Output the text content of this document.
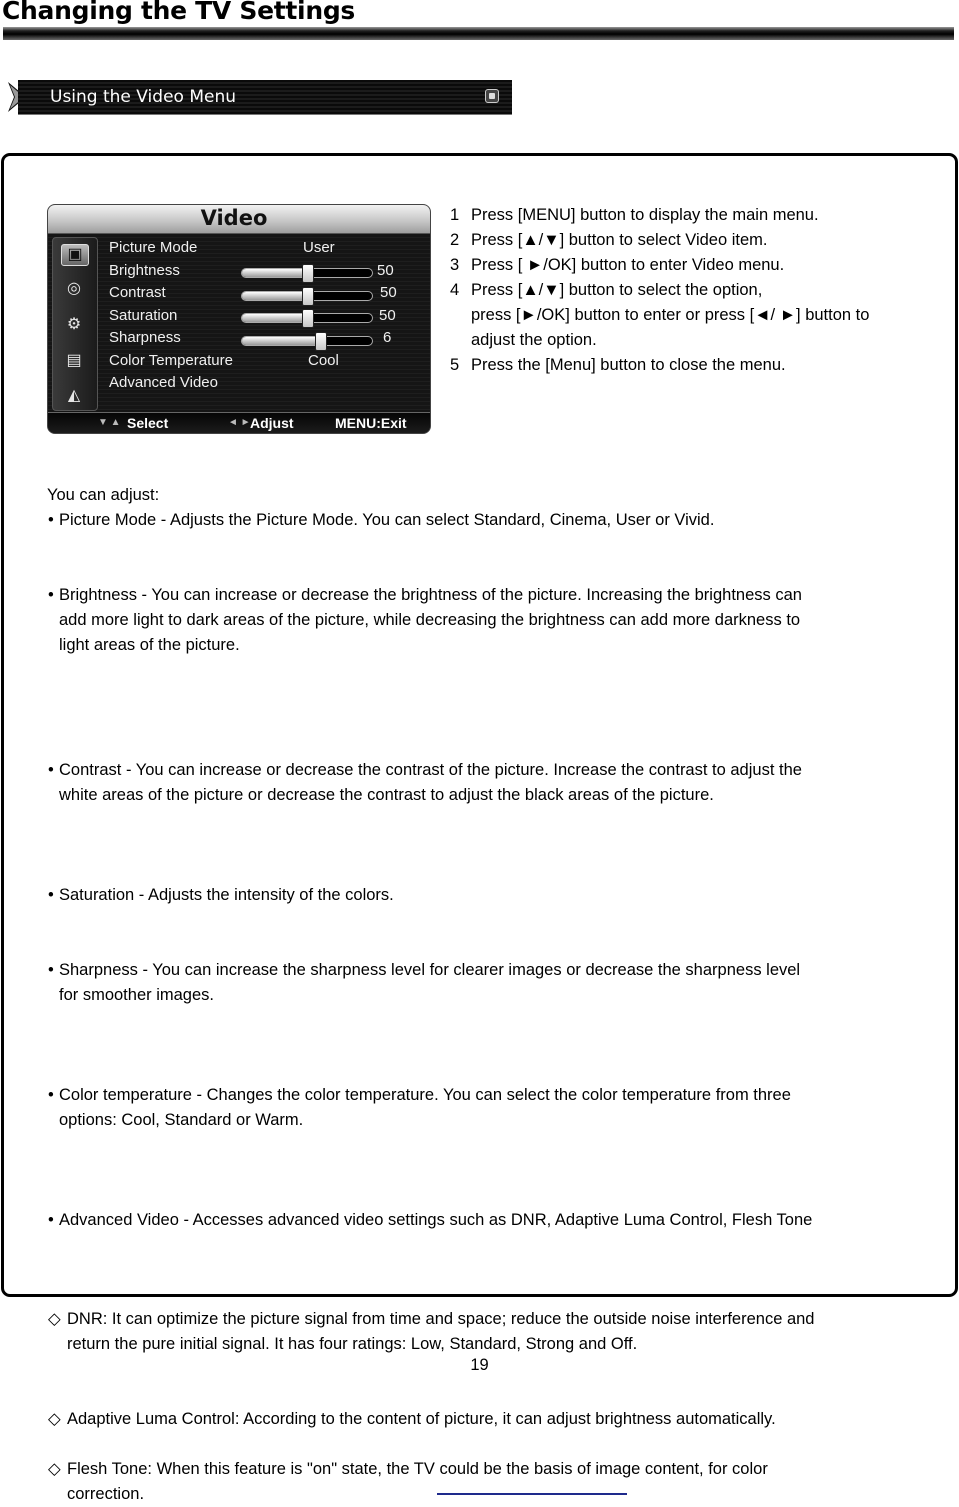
Changing the TV Settings
Using the Video Menu
Video
▣
◎
⚙
▤
◭
Picture Mode	User
Brightness	50
Contrast	50
Saturation	50
Sharpness	6
Color Temperature	Cool
Advanced Video
▼ ▲ Select	◄ ► Adjust	MENU:Exit
1 Press [MENU] button to display the main menu.
2 Press [▲/▼] button to select Video item.
3 Press [ ►/OK] button to enter Video menu.
4 Press [▲/▼] button to select the option,
press [►/OK] button to enter or press [◄/ ►] button to
adjust the option.
5 Press the [Menu] button to close the menu.
You can adjust:
• Picture Mode - Adjusts the Picture Mode. You can select Standard, Cinema, User or Vivid.
• Brightness - You can increase or decrease the brightness of the picture. Increasing the brightness can
add more light to dark areas of the picture, while decreasing the brightness can add more darkness to
light areas of the picture.
• Contrast - You can increase or decrease the contrast of the picture. Increase the contrast to adjust the
white areas of the picture or decrease the contrast to adjust the black areas of the picture.
• Saturation - Adjusts the intensity of the colors.
• Sharpness - You can increase the sharpness level for clearer images or decrease the sharpness level
for smoother images.
• Color temperature - Changes the color temperature. You can select the color temperature from three
options: Cool, Standard or Warm.
• Advanced Video - Accesses advanced video settings such as DNR, Adaptive Luma Control, Flesh Tone
◇ DNR: It can optimize the picture signal from time and space; reduce the outside noise interference and
return the pure initial signal. It has four ratings: Low, Standard, Strong and Off.
◇ Adaptive Luma Control: According to the content of picture, it can adjust brightness automatically.
◇ Flesh Tone: When this feature is "on" state, the TV could be the basis of image content, for color
correction.
19
